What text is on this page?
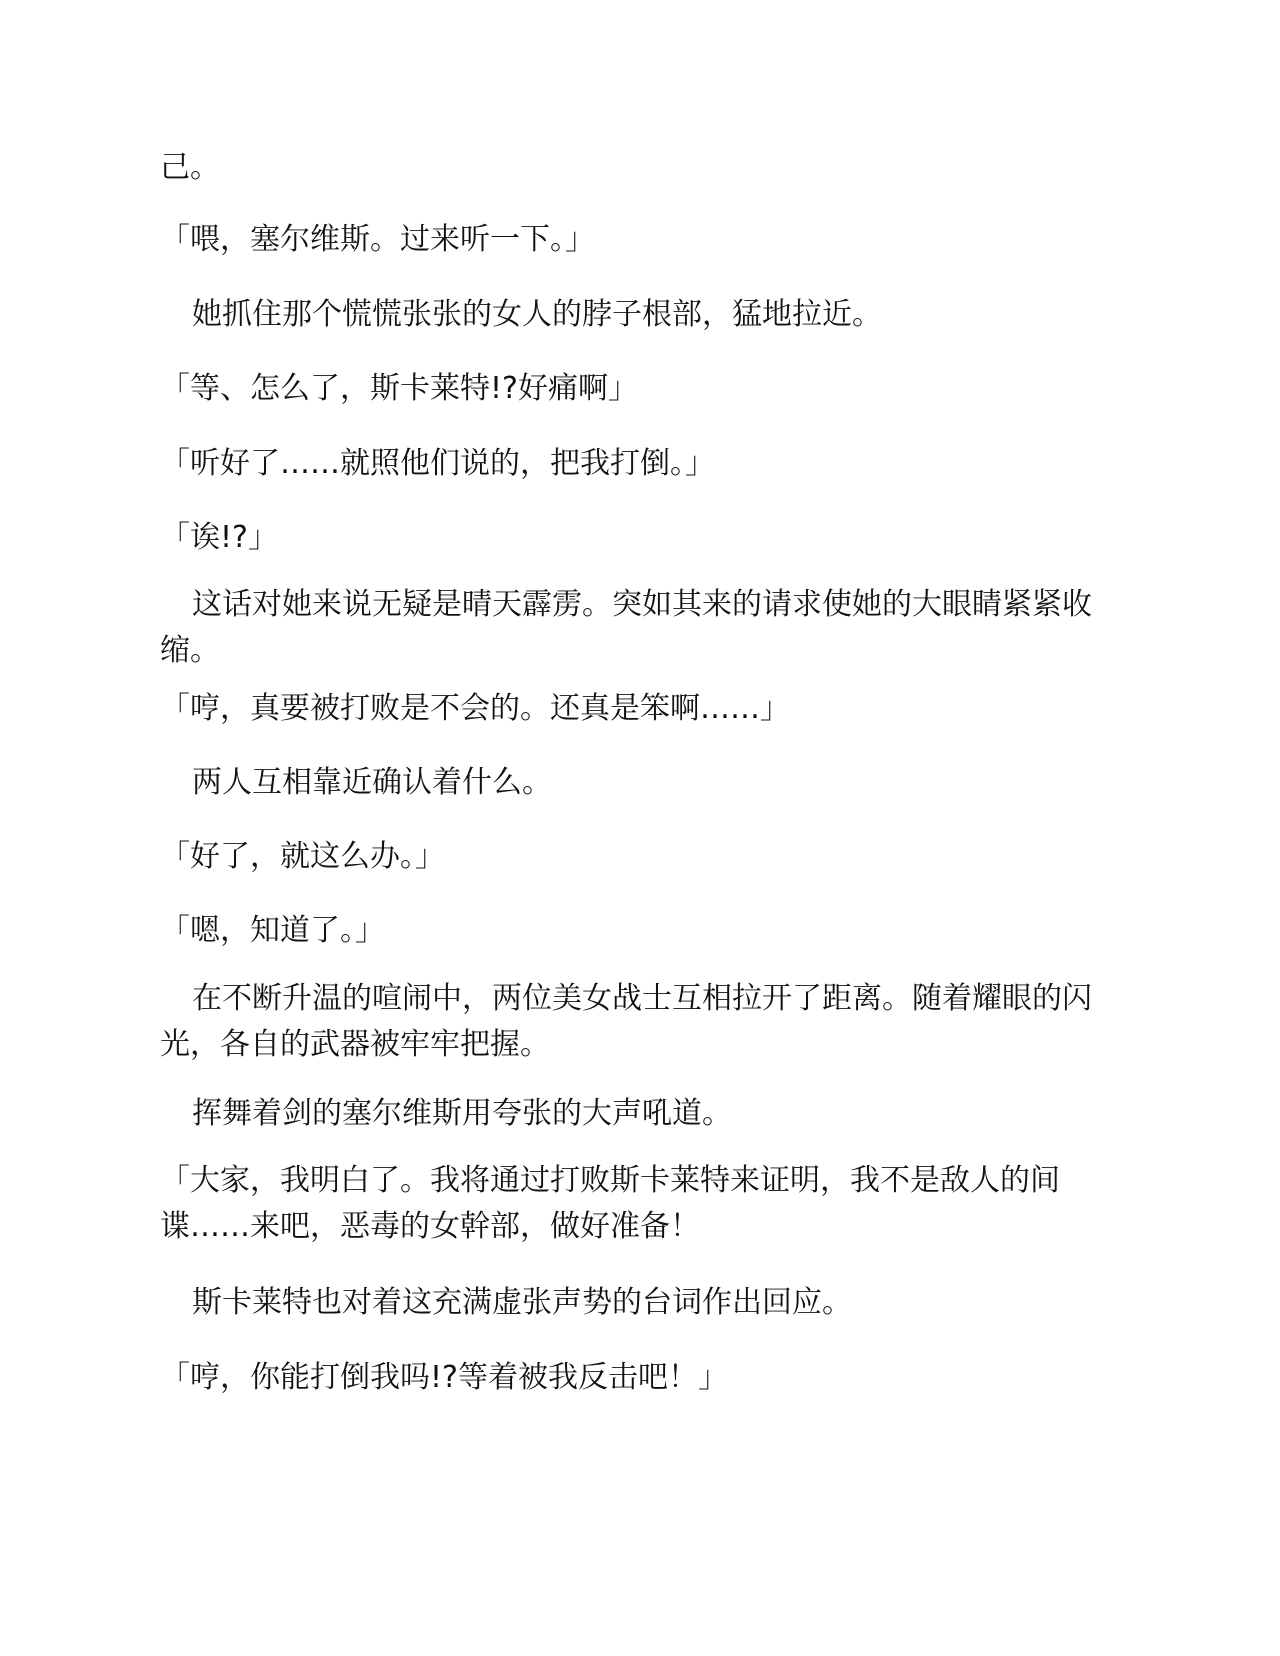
己。

「喂，塞尔维斯。过来听一下。」

她抓住那个慌慌张张的女人的脖子根部，猛地拉近。

「等、怎么了，斯卡莱特!?好痛啊」

「听好了……就照他们说的，把我打倒。」

「诶!?」

这话对她来说无疑是晴天霹雳。突如其来的请求使她的大眼睛紧紧收缩。

「哼，真要被打败是不会的。还真是笨啊……」

两人互相靠近确认着什么。

「好了，就这么办。」

「嗯，知道了。」

在不断升温的喧闹中，两位美女战士互相拉开了距离。随着耀眼的闪光，各自的武器被牢牢把握。

挥舞着剑的塞尔维斯用夸张的大声吼道。

「大家，我明白了。我将通过打败斯卡莱特来证明，我不是敌人的间谍……来吧，恶毒的女幹部，做好准备！

斯卡莱特也对着这充满虚张声势的台词作出回应。

「哼，你能打倒我吗!?等着被我反击吧！」
